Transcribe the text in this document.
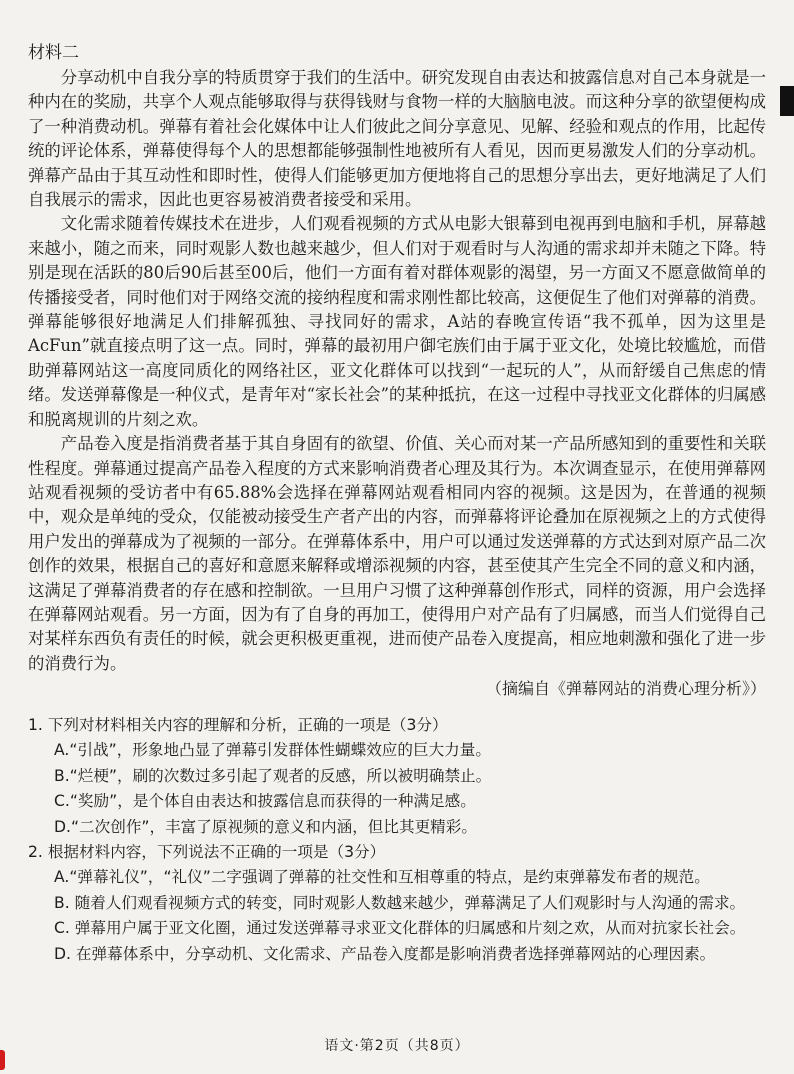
材料二

分享动机中自我分享的特质贯穿于我们的生活中。研究发现自由表达和披露信息对自己本身就是一种内在的奖励，共享个人观点能够取得与获得钱财与食物一样的大脑脑电波。而这种分享的欲望便构成了一种消费动机。弹幕有着社会化媒体中让人们彼此之间分享意见、见解、经验和观点的作用，比起传统的评论体系，弹幕使得每个人的思想都能够强制性地被所有人看见，因而更易激发人们的分享动机。弹幕产品由于其互动性和即时性，使得人们能够更加方便地将自己的思想分享出去，更好地满足了人们自我展示的需求，因此也更容易被消费者接受和采用。

文化需求随着传媒技术在进步，人们观看视频的方式从电影大银幕到电视再到电脑和手机，屏幕越来越小，随之而来，同时观影人数也越来越少，但人们对于观看时与人沟通的需求却并未随之下降。特别是现在活跃的80后90后甚至00后，他们一方面有着对群体观影的渴望，另一方面又不愿意做简单的传播接受者，同时他们对于网络交流的接纳程度和需求刚性都比较高，这便促生了他们对弹幕的消费。弹幕能够很好地满足人们排解孤独、寻找同好的需求，A站的春晚宣传语“我不孤单，因为这里是AcFun”就直接点明了这一点。同时，弹幕的最初用户御宅族们由于属于亚文化，处境比较尴尬，而借助弹幕网站这一高度同质化的网络社区，亚文化群体可以找到“一起玩的人”，从而舒缓自己焦虑的情绪。发送弹幕像是一种仪式，是青年对“家长社会”的某种抵抗，在这一过程中寻找亚文化群体的归属感和脱离规训的片刻之欢。

产品卷入度是指消费者基于其自身固有的欲望、价值、关心而对某一产品所感知到的重要性和关联性程度。弹幕通过提高产品卷入程度的方式来影响消费者心理及其行为。本次调查显示，在使用弹幕网站观看视频的受访者中有65.88%会选择在弹幕网站观看相同内容的视频。这是因为，在普通的视频中，观众是单纯的受众，仅能被动接受生产者产出的内容，而弹幕将评论叠加在原视频之上的方式使得用户发出的弹幕成为了视频的一部分。在弹幕体系中，用户可以通过发送弹幕的方式达到对原产品二次创作的效果，根据自己的喜好和意愿来解释或增添视频的内容，甚至使其产生完全不同的意义和内涵，这满足了弹幕消费者的存在感和控制欲。一旦用户习惯了这种弹幕创作形式，同样的资源，用户会选择在弹幕网站观看。另一方面，因为有了自身的再加工，使得用户对产品有了归属感，而当人们觉得自己对某样东西负有责任的时候，就会更积极更重视，进而使产品卷入度提高，相应地刺激和强化了进一步的消费行为。

（摘编自《弹幕网站的消费心理分析》）

1. 下列对材料相关内容的理解和分析，正确的一项是（3分）

A.“引战”，形象地凸显了弹幕引发群体性蝴蝶效应的巨大力量。

B.“烂梗”，刷的次数过多引起了观者的反感，所以被明确禁止。

C.“奖励”，是个体自由表达和披露信息而获得的一种满足感。

D.“二次创作”，丰富了原视频的意义和内涵，但比其更精彩。

2. 根据材料内容，下列说法不正确的一项是（3分）

A.“弹幕礼仪”，“礼仪”二字强调了弹幕的社交性和互相尊重的特点，是约束弹幕发布者的规范。

B. 随着人们观看视频方式的转变，同时观影人数越来越少，弹幕满足了人们观影时与人沟通的需求。

C. 弹幕用户属于亚文化圈，通过发送弹幕寻求亚文化群体的归属感和片刻之欢，从而对抗家长社会。

D. 在弹幕体系中，分享动机、文化需求、产品卷入度都是影响消费者选择弹幕网站的心理因素。

语文·第2页（共8页）
